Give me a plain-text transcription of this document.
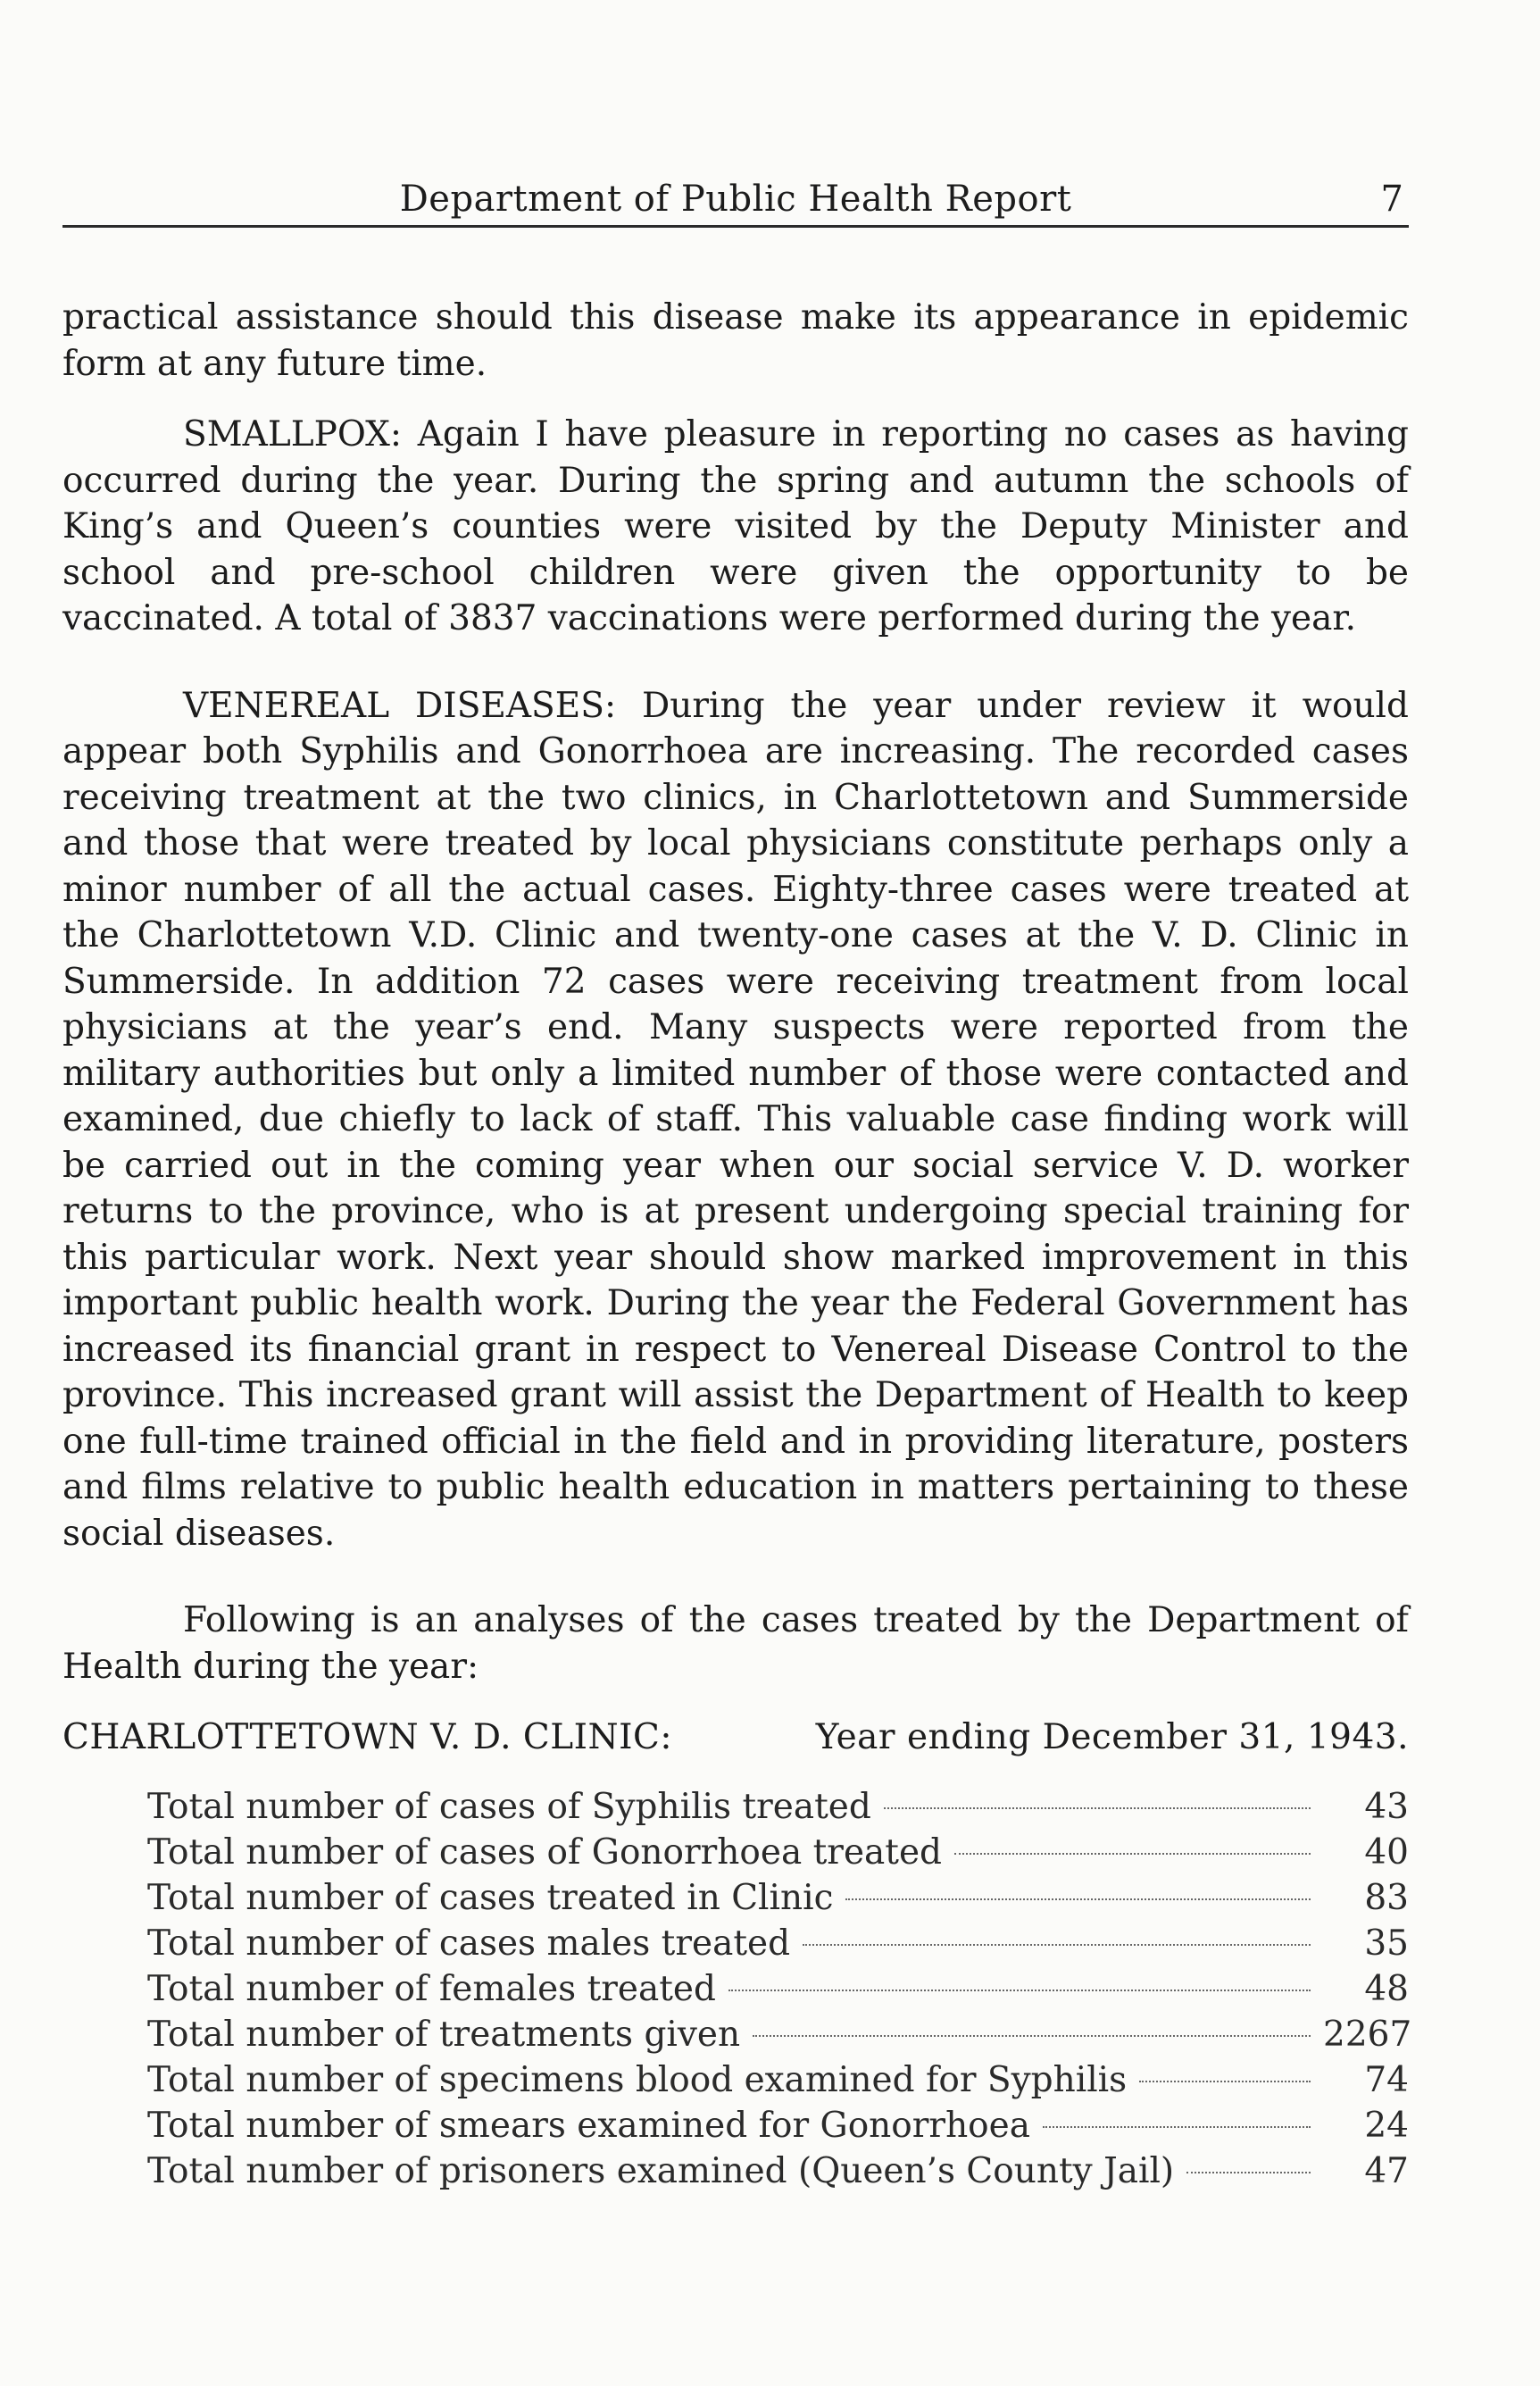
Department of Public Health Report	7

practical assistance should this disease make its appearance in epidemic form at any future time.

SMALLPOX: Again I have pleasure in reporting no cases as having occurred during the year. During the spring and autumn the schools of King’s and Queen’s counties were visited by the Deputy Minister and school and pre-school children were given the opportunity to be vaccinated. A total of 3837 vaccinations were performed during the year.

VENEREAL DISEASES: During the year under review it would appear both Syphilis and Gonorrhoea are increasing. The recorded cases receiving treatment at the two clinics, in Charlottetown and Summerside and those that were treated by local physicians constitute perhaps only a minor number of all the actual cases. Eighty-three cases were treated at the Charlottetown V.D. Clinic and twenty-one cases at the V. D. Clinic in Summerside. In addition 72 cases were receiving treatment from local physicians at the year’s end. Many suspects were reported from the military authorities but only a limited number of those were contacted and examined, due chiefly to lack of staff. This valuable case finding work will be carried out in the coming year when our social service V. D. worker returns to the province, who is at present undergoing special training for this particular work. Next year should show marked improvement in this important public health work. During the year the Federal Government has increased its financial grant in respect to Venereal Disease Control to the province. This increased grant will assist the Department of Health to keep one full-time trained official in the field and in providing literature, posters and films relative to public health education in matters pertaining to these social diseases.

Following is an analyses of the cases treated by the Department of Health during the year:

CHARLOTTETOWN V. D. CLINIC:	Year ending December 31, 1943.
Total number of cases of Syphilis treated	43
Total number of cases of Gonorrhoea treated	40
Total number of cases treated in Clinic	83
Total number of cases males treated	35
Total number of females treated	48
Total number of treatments given	2267
Total number of specimens blood examined for Syphilis	74
Total number of smears examined for Gonorrhoea	24
Total number of prisoners examined (Queen’s County Jail)	47
